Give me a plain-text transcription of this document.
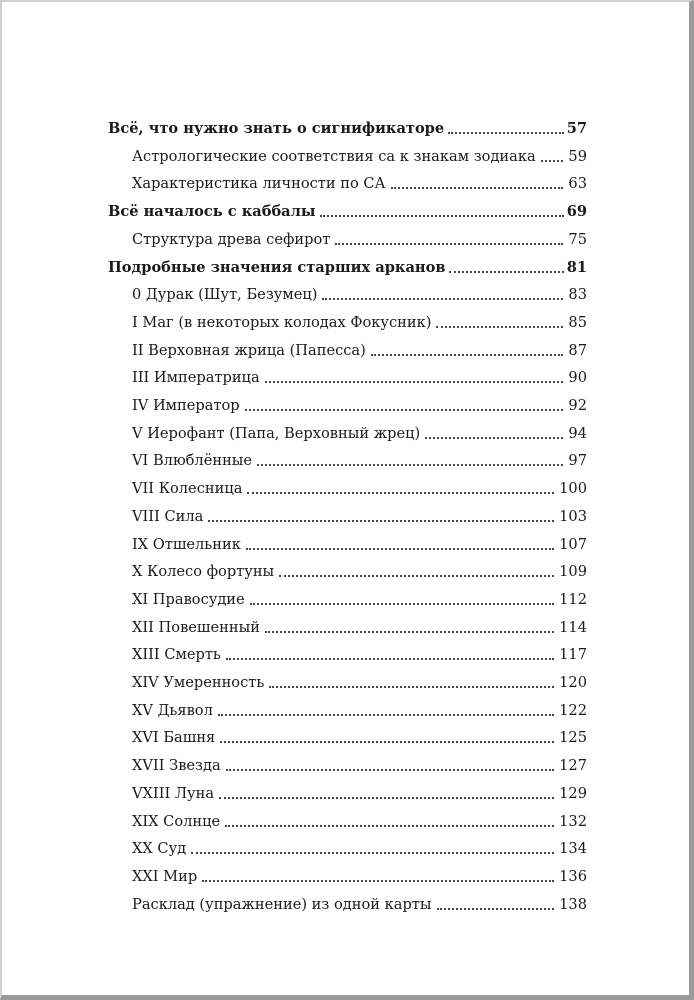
Всё, что нужно знать о сигнификаторе	57
Астрологические соответствия са к знакам зодиака 59
Характеристика личности по СА	63
Всё началось с каббалы	69
Структура древа сефирот	75
Подробные значения старших арканов	81
0 Дурак (Шут, Безумец)	83
I Маг (в некоторых колодах Фокусник)	85
II Верховная жрица (Папесса)	87
III Императрица	90
IV Император	92
V Иерофант (Папа, Верховный жрец)	94
VI Влюблённые	97
VII Колесница	100
VIII Сила	103
IX Отшельник	107
X Колесо фортуны	109
XI Правосудие	112
XII Повешенный	114
XIII Смерть	117
XIV Умеренность	120
XV Дьявол	122
XVI Башня	125
XVII Звезда	127
VXIII Луна	129
XIX Солнце	132
XX Суд	134
XXI Мир	136
Расклад (упражнение) из одной карты	138
